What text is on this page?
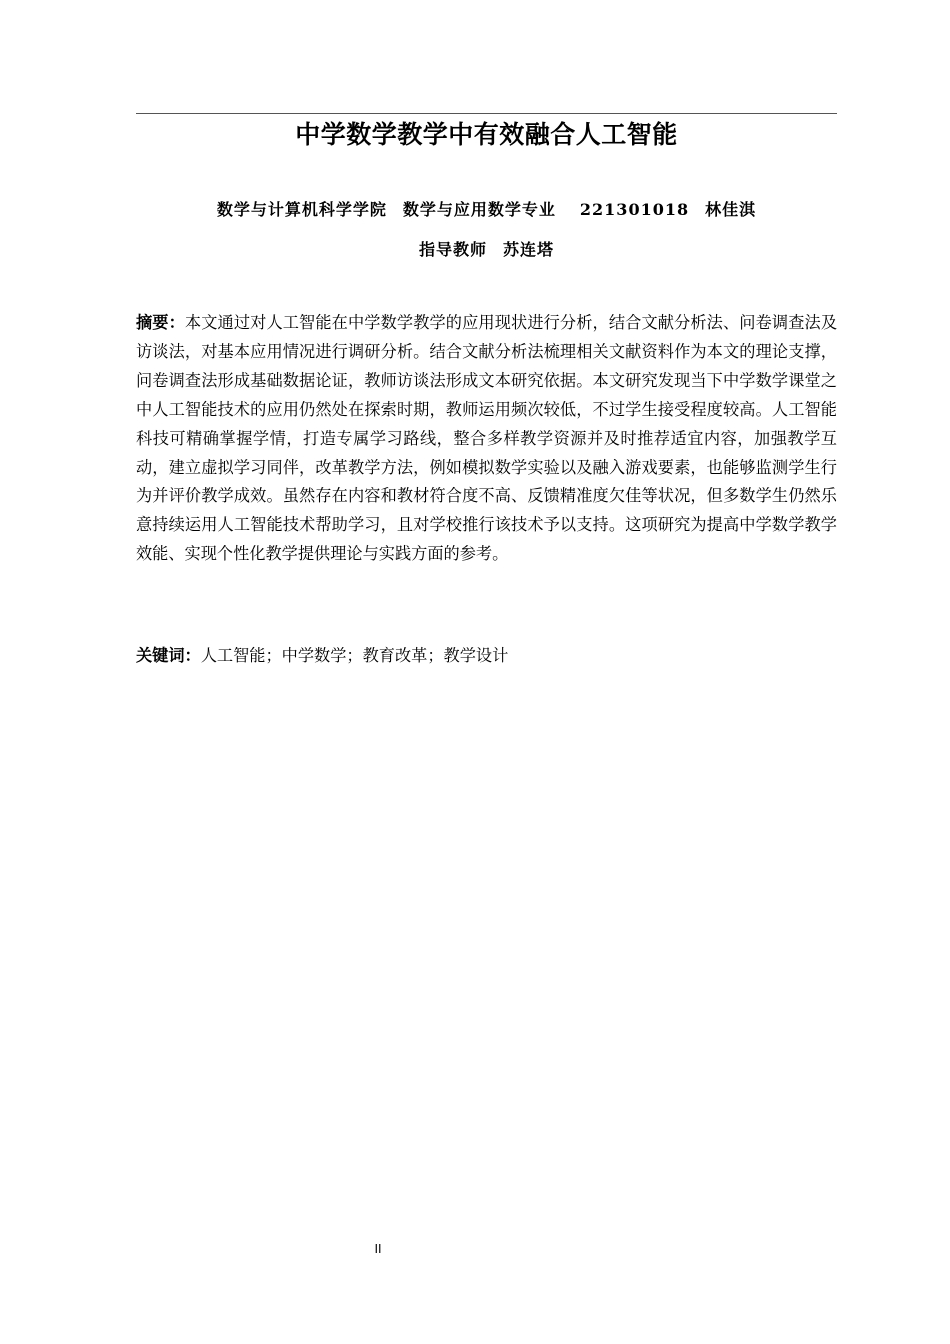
中学数学教学中有效融合人工智能
数学与计算机科学学院 数学与应用数学专业 221301018 林佳淇
指导教师 苏连塔
摘要：本文通过对人工智能在中学数学教学的应用现状进行分析，结合文献分析法、问卷调查法及访谈法，对基本应用情况进行调研分析。结合文献分析法梳理相关文献资料作为本文的理论支撑，问卷调查法形成基础数据论证，教师访谈法形成文本研究依据。本文研究发现当下中学数学课堂之中人工智能技术的应用仍然处在探索时期，教师运用频次较低，不过学生接受程度较高。人工智能科技可精确掌握学情，打造专属学习路线，整合多样教学资源并及时推荐适宜内容，加强教学互动，建立虚拟学习同伴，改革教学方法，例如模拟数学实验以及融入游戏要素，也能够监测学生行为并评价教学成效。虽然存在内容和教材符合度不高、反馈精准度欠佳等状况，但多数学生仍然乐意持续运用人工智能技术帮助学习，且对学校推行该技术予以支持。这项研究为提高中学数学教学效能、实现个性化教学提供理论与实践方面的参考。
关键词：人工智能；中学数学；教育改革；教学设计
II
